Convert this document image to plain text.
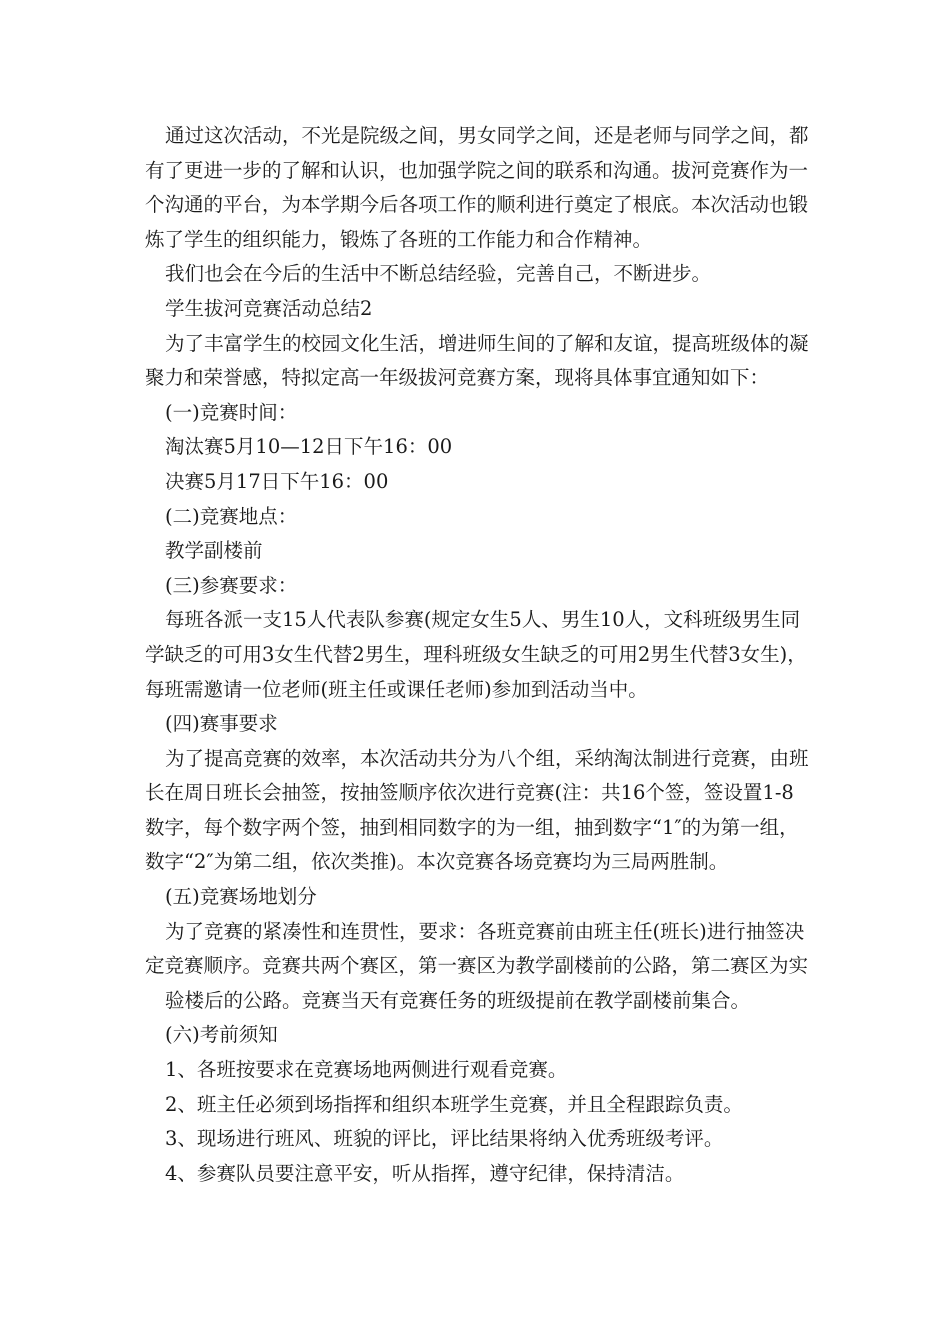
通过这次活动，不光是院级之间，男女同学之间，还是老师与同学之间，都
有了更进一步的了解和认识，也加强学院之间的联系和沟通。拔河竞赛作为一
个沟通的平台，为本学期今后各项工作的顺利进行奠定了根底。本次活动也锻
炼了学生的组织能力，锻炼了各班的工作能力和合作精神。
我们也会在今后的生活中不断总结经验，完善自己，不断进步。
学生拔河竞赛活动总结2
为了丰富学生的校园文化生活，增进师生间的了解和友谊，提高班级体的凝
聚力和荣誉感，特拟定高一年级拔河竞赛方案，现将具体事宜通知如下：
(一)竞赛时间：
淘汰赛5月10—12日下午16：00
决赛5月17日下午16：00
(二)竞赛地点：
教学副楼前
(三)参赛要求：
每班各派一支15人代表队参赛(规定女生5人、男生10人，文科班级男生同
学缺乏的可用3女生代替2男生，理科班级女生缺乏的可用2男生代替3女生)，
每班需邀请一位老师(班主任或课任老师)参加到活动当中。
(四)赛事要求
为了提高竞赛的效率，本次活动共分为八个组，采纳淘汰制进行竞赛，由班
长在周日班长会抽签，按抽签顺序依次进行竞赛(注：共16个签，签设置1-8
数字，每个数字两个签，抽到相同数字的为一组，抽到数字“1″的为第一组，
数字“2″为第二组，依次类推)。本次竞赛各场竞赛均为三局两胜制。
(五)竞赛场地划分
为了竞赛的紧凑性和连贯性，要求：各班竞赛前由班主任(班长)进行抽签决
定竞赛顺序。竞赛共两个赛区，第一赛区为教学副楼前的公路，第二赛区为实
验楼后的公路。竞赛当天有竞赛任务的班级提前在教学副楼前集合。
(六)考前须知
1、各班按要求在竞赛场地两侧进行观看竞赛。
2、班主任必须到场指挥和组织本班学生竞赛，并且全程跟踪负责。
3、现场进行班风、班貌的评比，评比结果将纳入优秀班级考评。
4、参赛队员要注意平安，听从指挥，遵守纪律，保持清洁。
